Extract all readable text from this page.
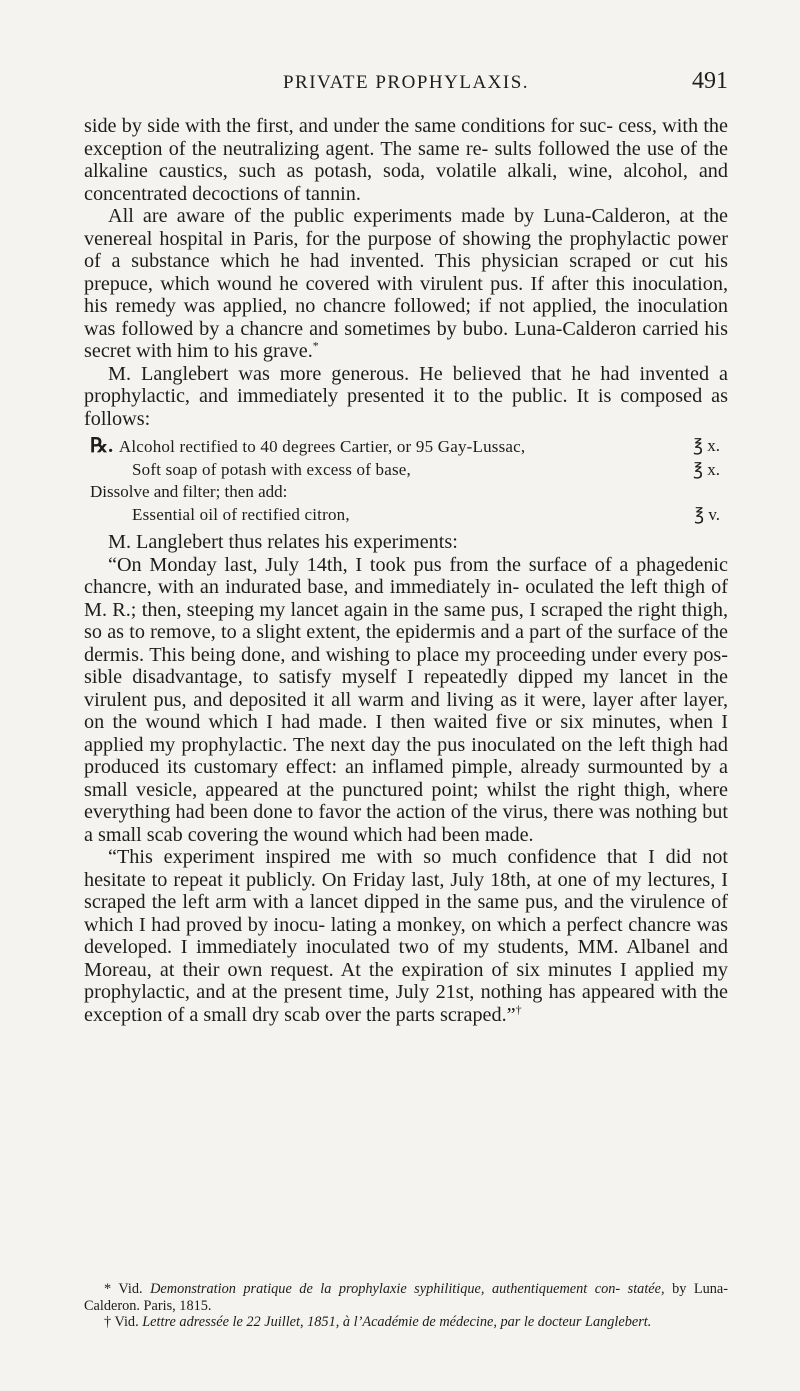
PRIVATE PROPHYLAXIS.	491

side by side with the first, and under the same conditions for suc- cess, with the exception of the neutralizing agent. The same re- sults followed the use of the alkaline caustics, such as potash, soda, volatile alkali, wine, alcohol, and concentrated decoctions of tannin.

All are aware of the public experiments made by Luna-Calderon, at the venereal hospital in Paris, for the purpose of showing the prophylactic power of a substance which he had invented. This physician scraped or cut his prepuce, which wound he covered with virulent pus. If after this inoculation, his remedy was applied, no chancre followed; if not applied, the inoculation was followed by a chancre and sometimes by bubo. Luna-Calderon carried his secret with him to his grave.*

M. Langlebert was more generous. He believed that he had invented a prophylactic, and immediately presented it to the public. It is composed as follows:

℞. Alcohol rectified to 40 degrees Cartier, or 95 Gay-Lussac,	℥ x.
Soft soap of potash with excess of base,	℥ x.
Dissolve and filter; then add:
Essential oil of rectified citron,	℥ v.

M. Langlebert thus relates his experiments:

“On Monday last, July 14th, I took pus from the surface of a phagedenic chancre, with an indurated base, and immediately in- oculated the left thigh of M. R.; then, steeping my lancet again in the same pus, I scraped the right thigh, so as to remove, to a slight extent, the epidermis and a part of the surface of the dermis. This being done, and wishing to place my proceeding under every pos- sible disadvantage, to satisfy myself I repeatedly dipped my lancet in the virulent pus, and deposited it all warm and living as it were, layer after layer, on the wound which I had made. I then waited five or six minutes, when I applied my prophylactic. The next day the pus inoculated on the left thigh had produced its customary effect: an inflamed pimple, already surmounted by a small vesicle, appeared at the punctured point; whilst the right thigh, where everything had been done to favor the action of the virus, there was nothing but a small scab covering the wound which had been made.

“This experiment inspired me with so much confidence that I did not hesitate to repeat it publicly. On Friday last, July 18th, at one of my lectures, I scraped the left arm with a lancet dipped in the same pus, and the virulence of which I had proved by inocu- lating a monkey, on which a perfect chancre was developed. I immediately inoculated two of my students, MM. Albanel and Moreau, at their own request. At the expiration of six minutes I applied my prophylactic, and at the present time, July 21st, nothing has appeared with the exception of a small dry scab over the parts scraped.”†

* Vid. Demonstration pratique de la prophylaxie syphilitique, authentiquement con- statée, by Luna-Calderon. Paris, 1815.

† Vid. Lettre adressée le 22 Juillet, 1851, à l’Académie de médecine, par le docteur Langlebert.
